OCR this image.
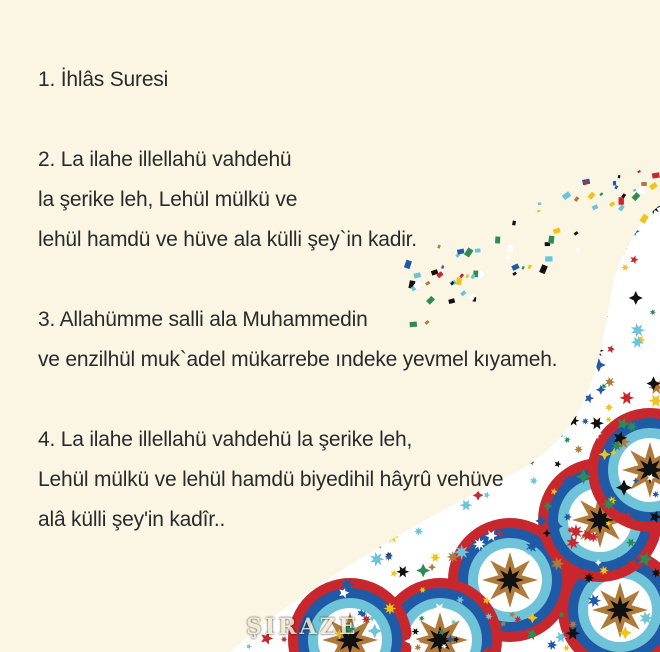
1. İhlâs Suresi
2. La ilahe illellahü vahdehü
la şerike leh, Lehül mülkü ve
lehül hamdü ve hüve ala külli şey`in kadir.
3. Allahümme salli ala Muhammedin
ve enzilhül muk`adel mükarrebe ındeke yevmel kıyameh.
4. La ilahe illellahü vahdehü la şerike leh,
Lehül mülkü ve lehül hamdü biyedihil hâyrû vehüve
alâ külli şey'in kadîr..
ŞIRAZE
